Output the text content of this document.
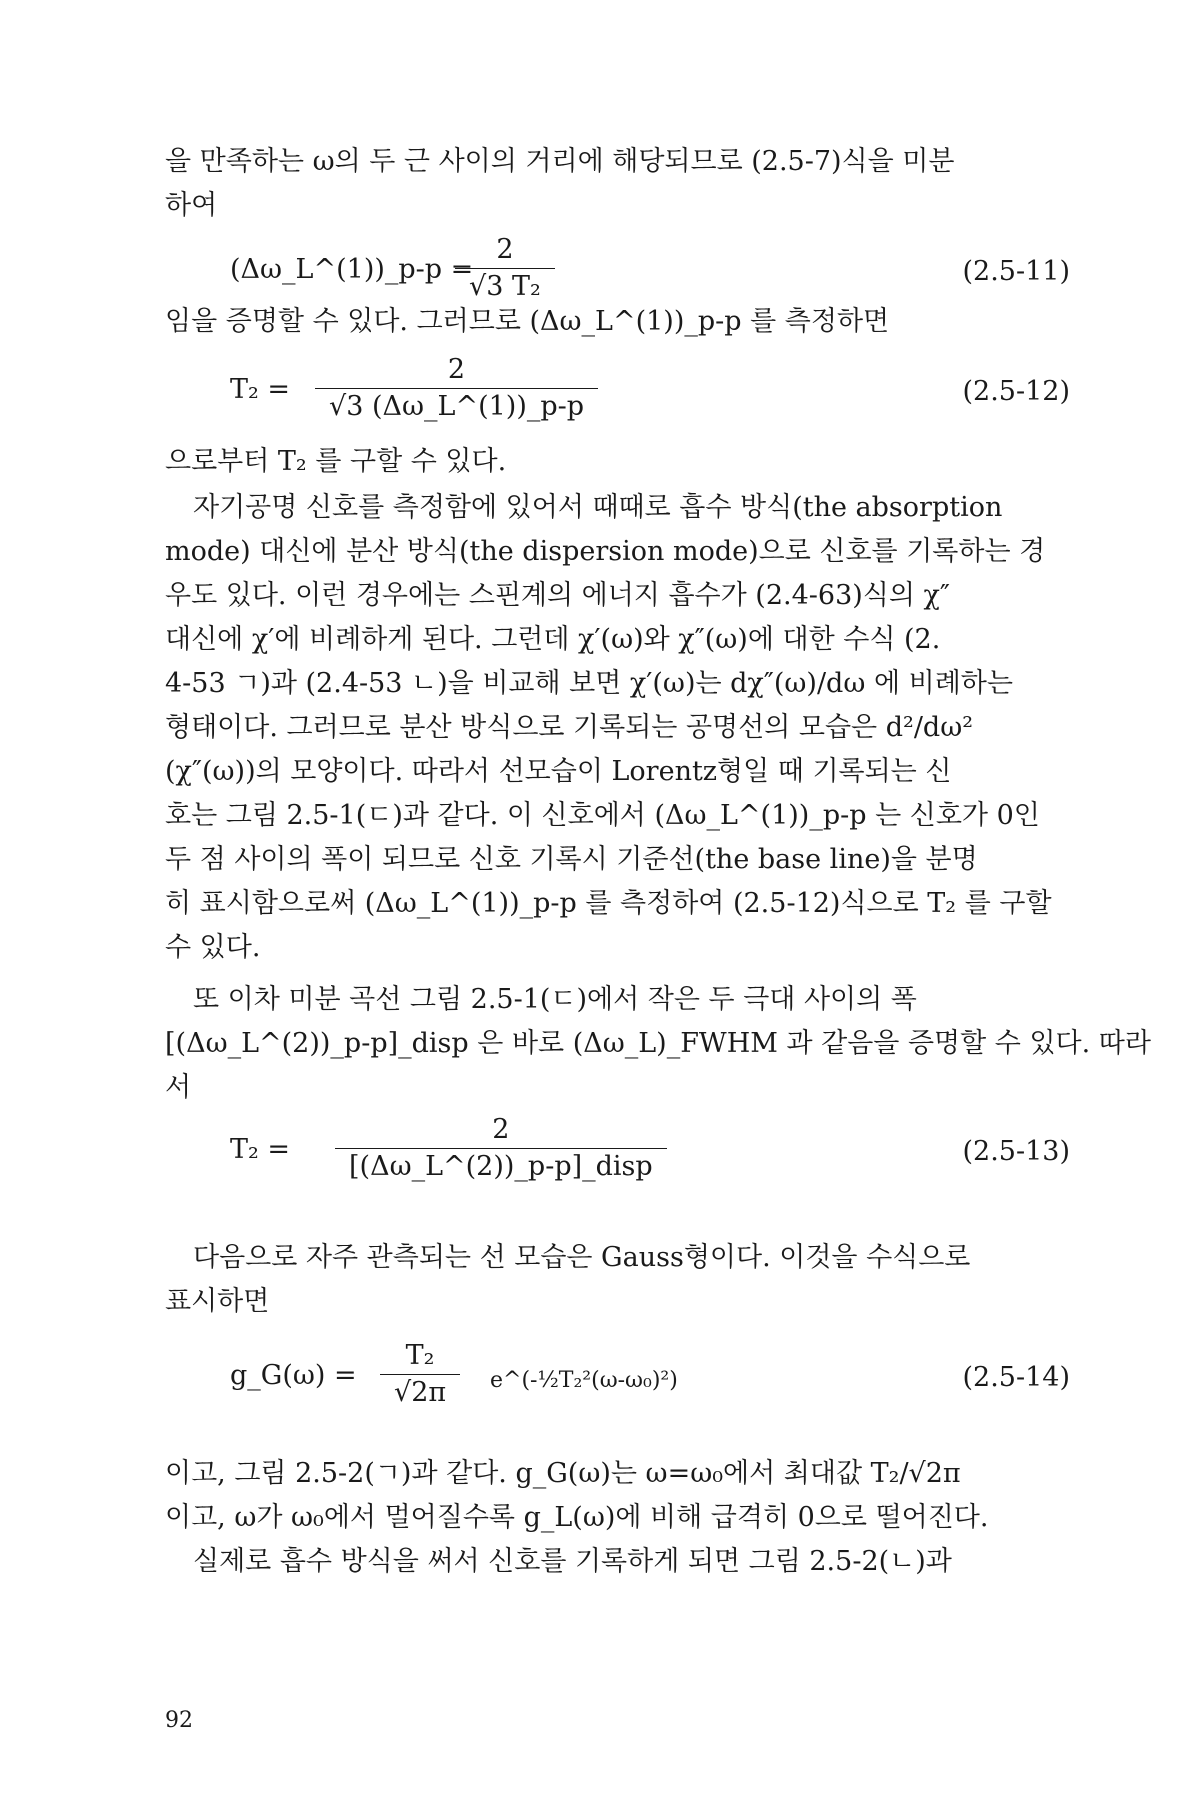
을 만족하는 ω의 두 근 사이의 거리에 해당되므로 (2.5-7)식을 미분
하여
(Δω_L^(1))_p-p =
2
√3 T₂	(2.5-11)
임을 증명할 수 있다. 그러므로 (Δω_L^(1))_p-p 를 측정하면
T₂ =
2
√3 (Δω_L^(1))_p-p	(2.5-12)
으로부터 T₂ 를 구할 수 있다.
자기공명 신호를 측정함에 있어서 때때로 흡수 방식(the absorption
mode) 대신에 분산 방식(the dispersion mode)으로 신호를 기록하는 경
우도 있다. 이런 경우에는 스핀계의 에너지 흡수가 (2.4-63)식의 χ″
대신에 χ′에 비례하게 된다. 그런데 χ′(ω)와 χ″(ω)에 대한 수식 (2.
4-53 ㄱ)과 (2.4-53 ㄴ)을 비교해 보면 χ′(ω)는 dχ″(ω)/dω 에 비례하는
형태이다. 그러므로 분산 방식으로 기록되는 공명선의 모습은 d²/dω²
(χ″(ω))의 모양이다. 따라서 선모습이 Lorentz형일 때 기록되는 신
호는 그림 2.5-1(ㄷ)과 같다. 이 신호에서 (Δω_L^(1))_p-p 는 신호가 0인
두 점 사이의 폭이 되므로 신호 기록시 기준선(the base line)을 분명
히 표시함으로써 (Δω_L^(1))_p-p 를 측정하여 (2.5-12)식으로 T₂ 를 구할
수 있다.
또 이차 미분 곡선 그림 2.5-1(ㄷ)에서 작은 두 극대 사이의 폭
[(Δω_L^(2))_p-p]_disp 은 바로 (Δω_L)_FWHM 과 같음을 증명할 수 있다. 따라
서
T₂ =
2
[(Δω_L^(2))_p-p]_disp	(2.5-13)
다음으로 자주 관측되는 선 모습은 Gauss형이다. 이것을 수식으로
표시하면
g_G(ω) =
T₂
√2π	e^(-½T₂²(ω-ω₀)²)	(2.5-14)
이고, 그림 2.5-2(ㄱ)과 같다. g_G(ω)는 ω=ω₀에서 최대값 T₂/√2π
이고, ω가 ω₀에서 멀어질수록 g_L(ω)에 비해 급격히 0으로 떨어진다.
실제로 흡수 방식을 써서 신호를 기록하게 되면 그림 2.5-2(ㄴ)과
92
